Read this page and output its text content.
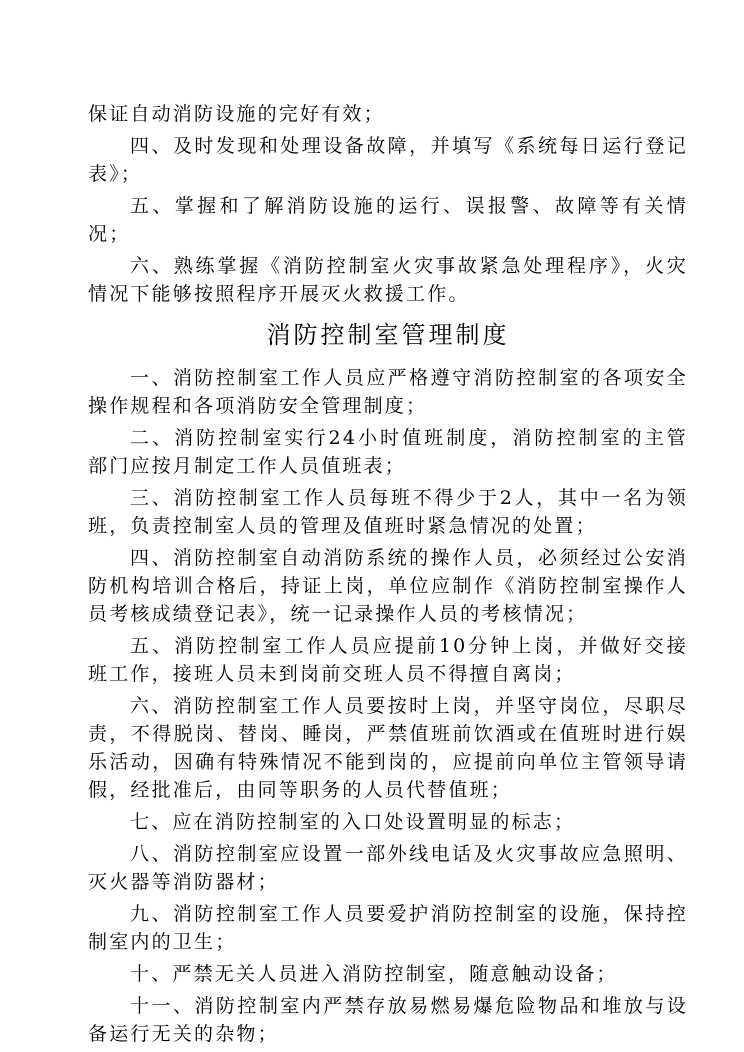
保证自动消防设施的完好有效；

四、及时发现和处理设备故障，并填写《系统每日运行登记表》；

五、掌握和了解消防设施的运行、误报警、故障等有关情况；

六、熟练掌握《消防控制室火灾事故紧急处理程序》，火灾情况下能够按照程序开展灭火救援工作。

消防控制室管理制度

一、消防控制室工作人员应严格遵守消防控制室的各项安全操作规程和各项消防安全管理制度；

二、消防控制室实行24小时值班制度，消防控制室的主管部门应按月制定工作人员值班表；

三、消防控制室工作人员每班不得少于2人，其中一名为领班，负责控制室人员的管理及值班时紧急情况的处置；

四、消防控制室自动消防系统的操作人员，必须经过公安消防机构培训合格后，持证上岗，单位应制作《消防控制室操作人员考核成绩登记表》，统一记录操作人员的考核情况；

五、消防控制室工作人员应提前10分钟上岗，并做好交接班工作，接班人员未到岗前交班人员不得擅自离岗；

六、消防控制室工作人员要按时上岗，并坚守岗位，尽职尽责，不得脱岗、替岗、睡岗，严禁值班前饮酒或在值班时进行娱乐活动，因确有特殊情况不能到岗的，应提前向单位主管领导请假，经批准后，由同等职务的人员代替值班；

七、应在消防控制室的入口处设置明显的标志；

八、消防控制室应设置一部外线电话及火灾事故应急照明、灭火器等消防器材；

九、消防控制室工作人员要爱护消防控制室的设施，保持控制室内的卫生；

十、严禁无关人员进入消防控制室，随意触动设备；

十一、消防控制室内严禁存放易燃易爆危险物品和堆放与设备运行无关的杂物；
